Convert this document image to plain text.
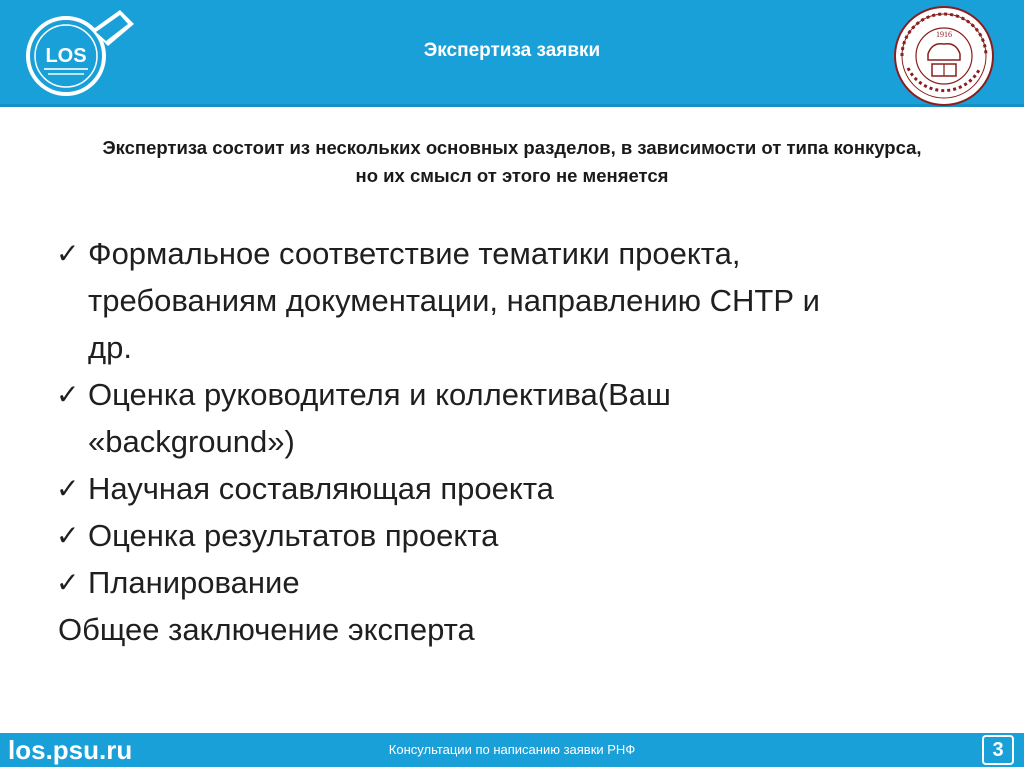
LOS	Экспертиза заявки
1916
Экспертиза состоит из нескольких основных разделов, в зависимости от типа конкурса,
но их смысл от этого не меняется
✓ Формальное соответствие тематики проекта,
требованиям документации, направлению СНТР и
др.
✓ Оценка руководителя и коллектива(Ваш
«background»)
✓ Научная составляющая проекта
✓ Оценка результатов проекта
✓ Планирование
Общее заключение эксперта
los.psu.ru	Консультации по написанию заявки РНФ	3
